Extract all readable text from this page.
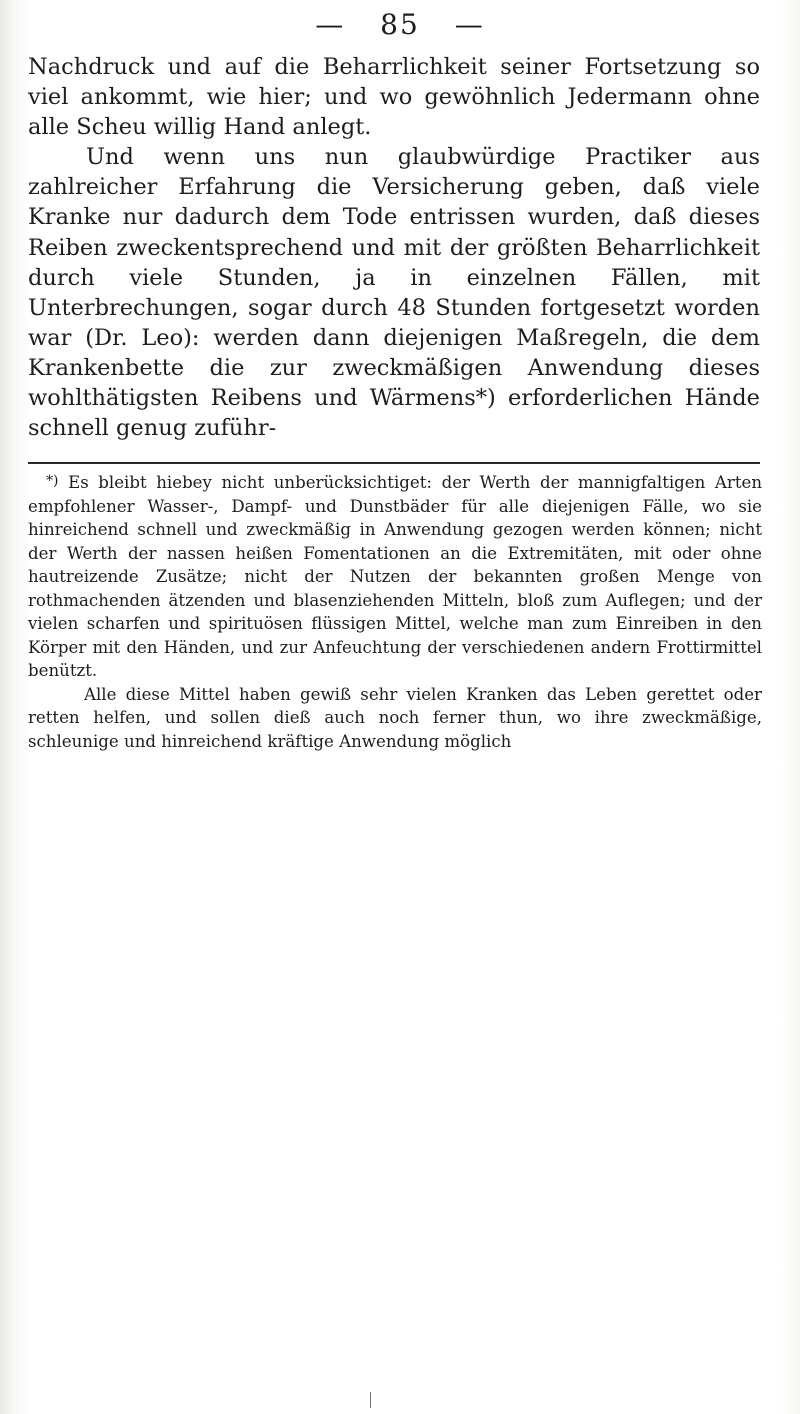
— 85 —

Nachdruck und auf die Beharrlichkeit seiner Fortsetzung so viel ankommt, wie hier; und wo gewöhnlich Jedermann ohne alle Scheu willig Hand anlegt.

Und wenn uns nun glaubwürdige Practiker aus zahlreicher Erfahrung die Versicherung geben, daß viele Kranke nur dadurch dem Tode entrissen wurden, daß dieses Reiben zweckentsprechend und mit der größten Beharrlichkeit durch viele Stunden, ja in einzelnen Fällen, mit Unterbrechungen, sogar durch 48 Stunden fortgesetzt worden war (Dr. Leo): werden dann diejenigen Maßregeln, die dem Krankenbette die zur zweckmäßigen Anwendung dieses wohlthätigsten Reibens und Wärmens*) erforderlichen Hände schnell genug zuführ-

*) Es bleibt hiebey nicht unberücksichtiget: der Werth der mannigfaltigen Arten empfohlener Wasser-, Dampf- und Dunstbäder für alle diejenigen Fälle, wo sie hinreichend schnell und zweckmäßig in Anwendung gezogen werden können; nicht der Werth der nassen heißen Fomentationen an die Extremitäten, mit oder ohne hautreizende Zusätze; nicht der Nutzen der bekannten großen Menge von rothmachenden ätzenden und blasenziehenden Mitteln, bloß zum Auflegen; und der vielen scharfen und spirituösen flüssigen Mittel, welche man zum Einreiben in den Körper mit den Händen, und zur Anfeuchtung der verschiedenen andern Frottirmittel benützt.

Alle diese Mittel haben gewiß sehr vielen Kranken das Leben gerettet oder retten helfen, und sollen dieß auch noch ferner thun, wo ihre zweckmäßige, schleunige und hinreichend kräftige Anwendung möglich
